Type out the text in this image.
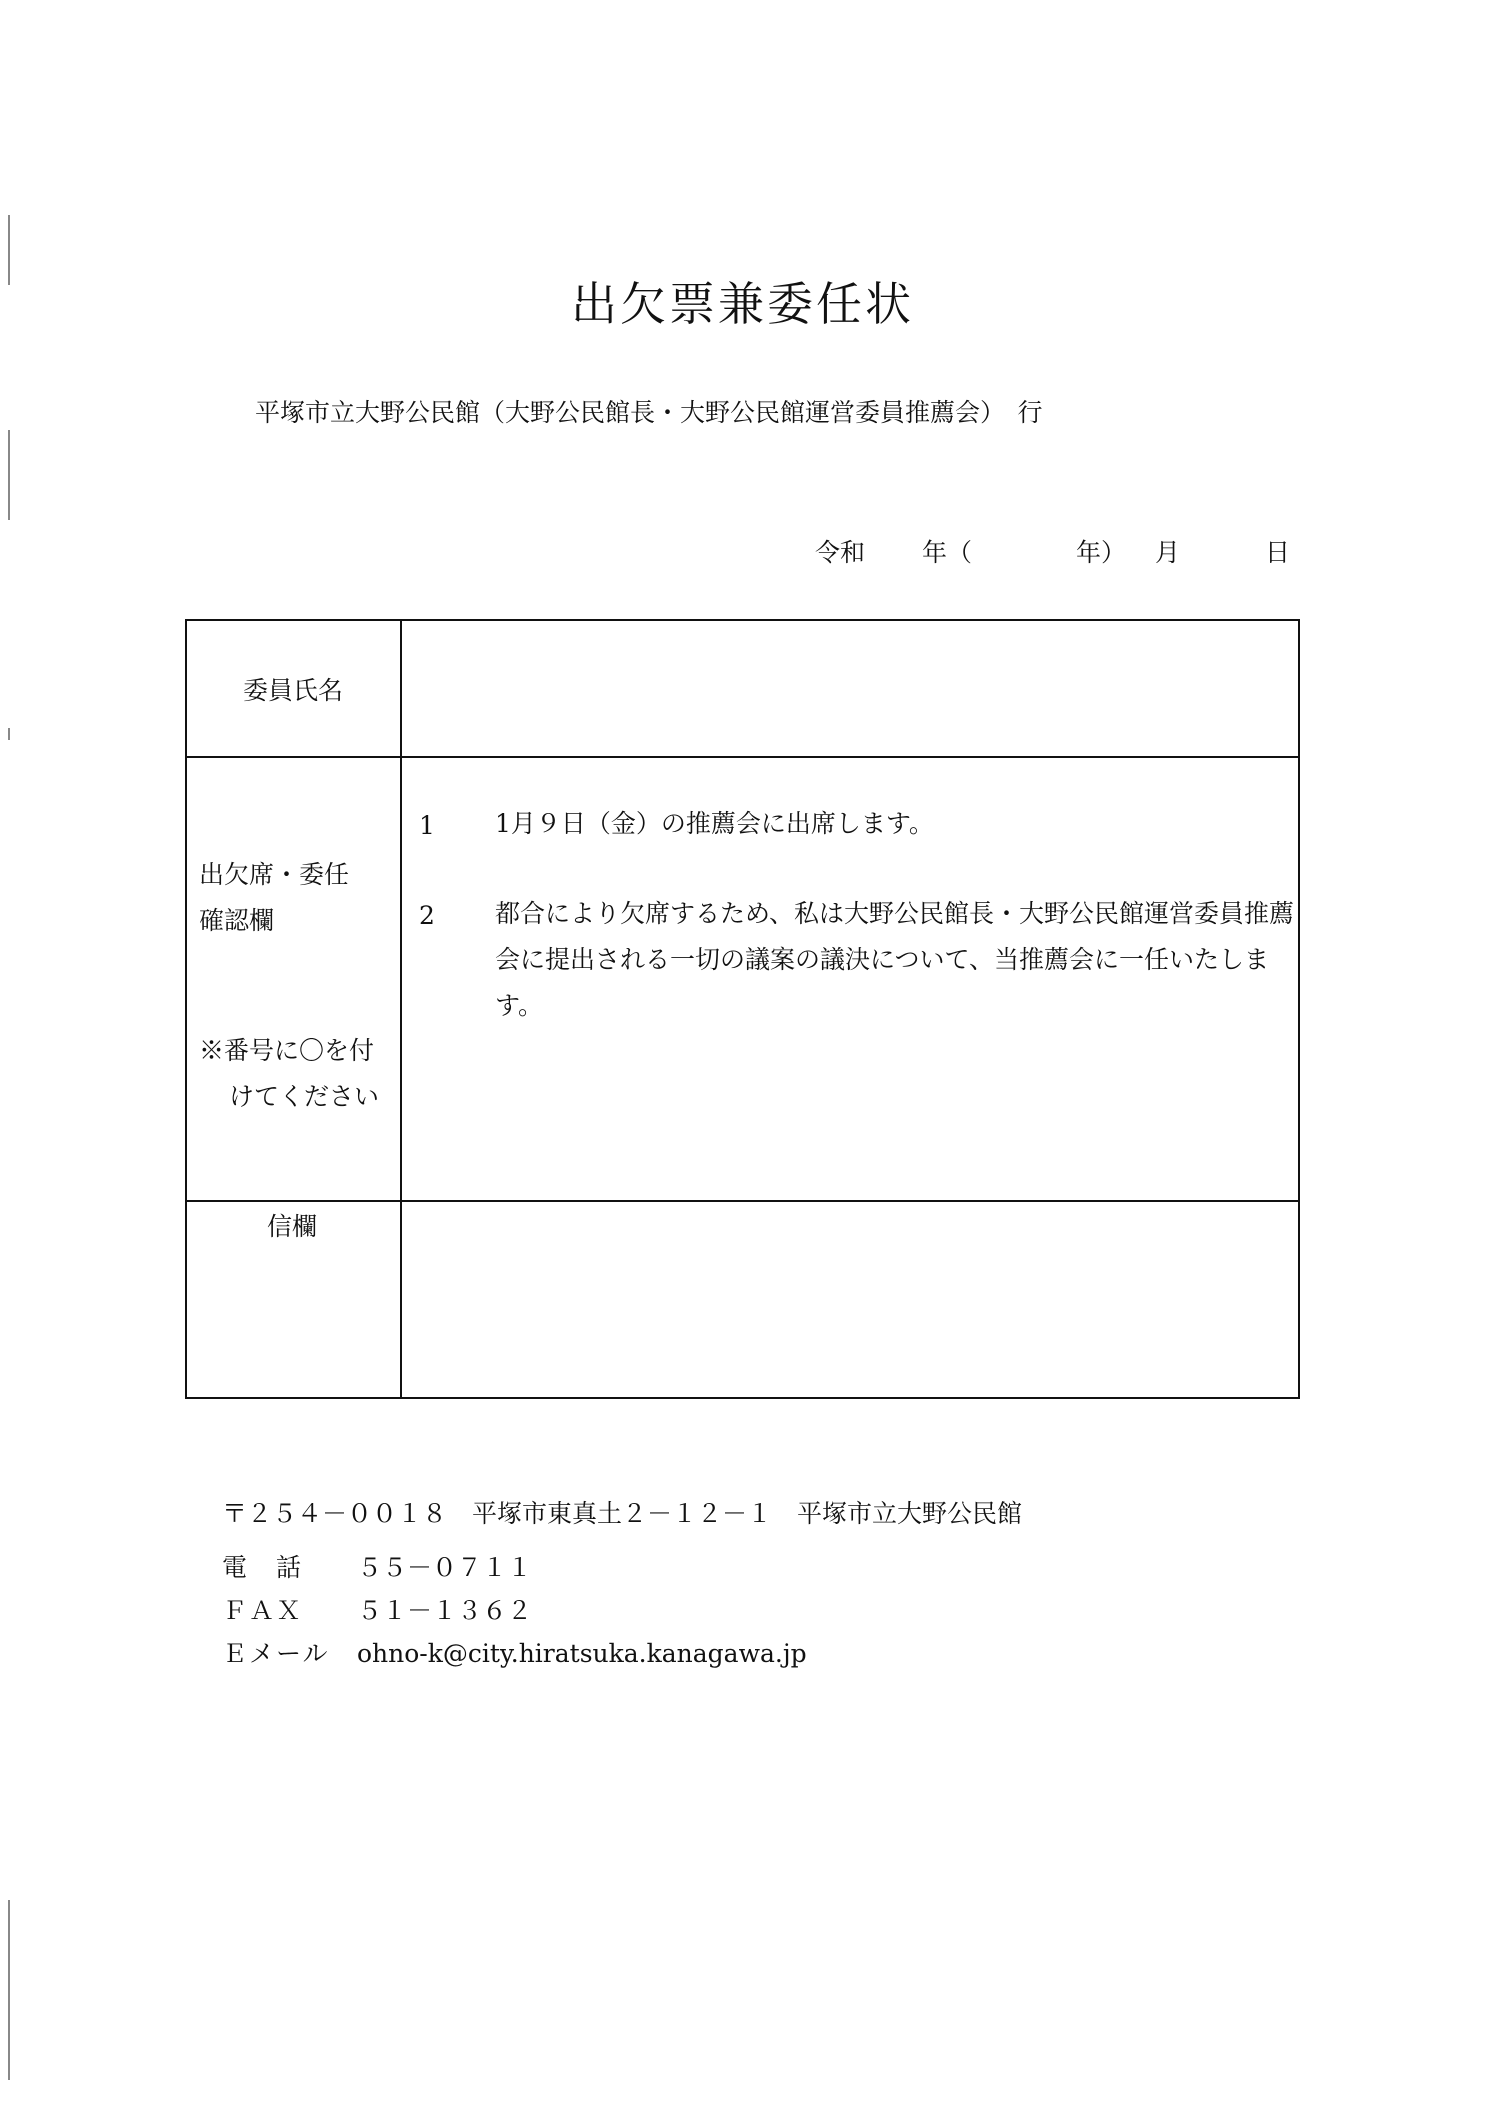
出欠票兼委任状
平塚市立大野公民館（大野公民館長・大野公民館運営委員推薦会）　行
令和 年（	年） 月	日
委員氏名
出欠席・委任
確認欄
※番号に〇を付
けてください
1 1月９日（金）の推薦会に出席します。
2 都合により欠席するため、私は大野公民館長・大野公民館運営委員推薦会に提出される一切の議案の議決について、当推薦会に一任いたします。
信欄
〒２５４－００１８　平塚市東真土２－１２－１　平塚市立大野公民館
電　話 ５５－０７１１
ＦＡＸ ５１－１３６２
Ｅメール ohno-k@city.hiratsuka.kanagawa.jp
